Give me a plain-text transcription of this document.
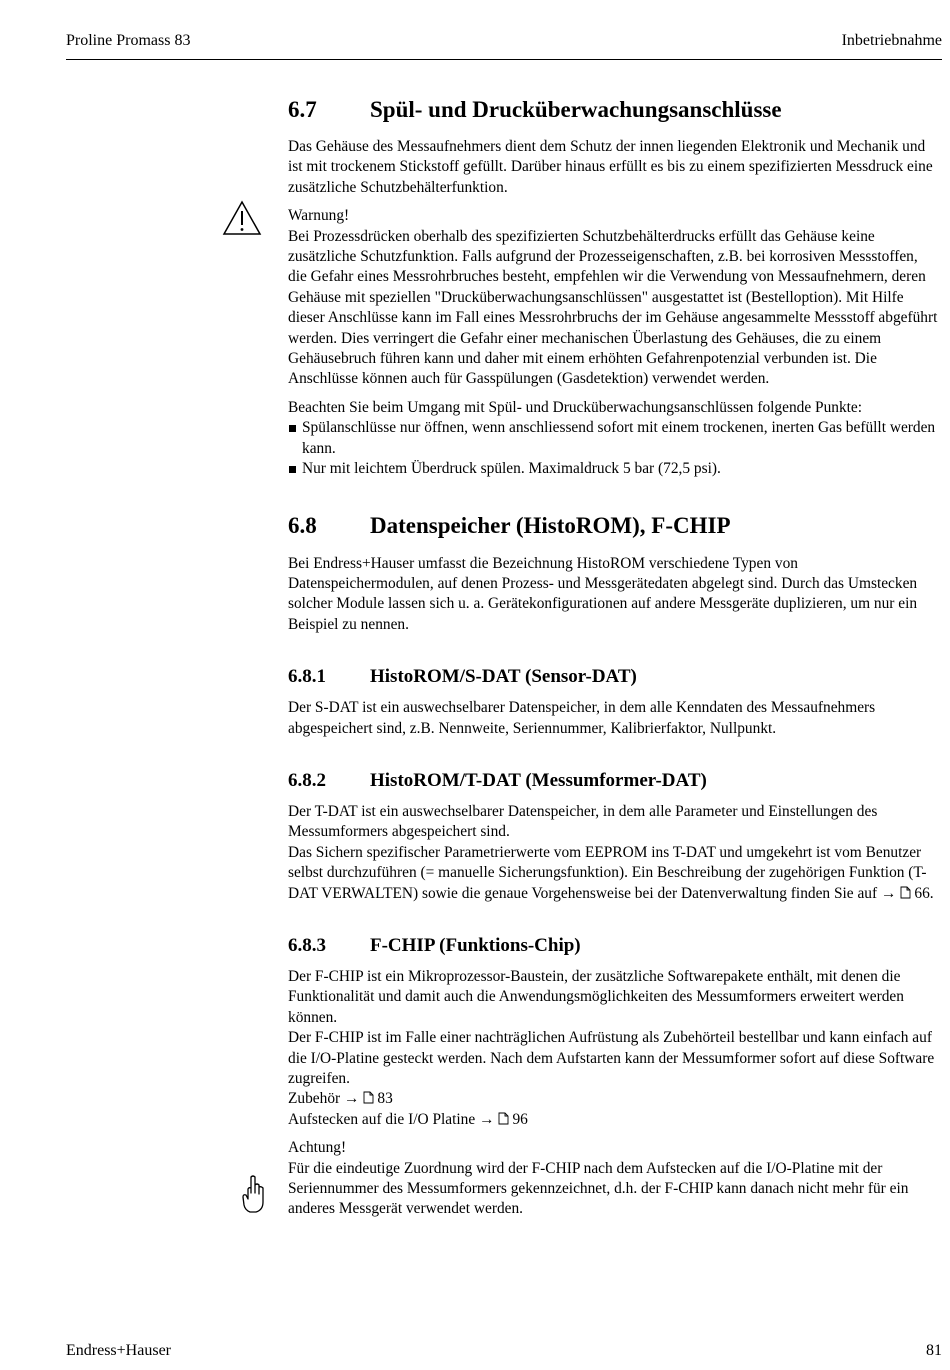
Proline Promass 83	Inbetriebnahme
6.7	Spül- und Drucküberwachungsanschlüsse

Das Gehäuse des Messaufnehmers dient dem Schutz der innen liegenden Elektronik und Mechanik und ist mit trockenem Stickstoff gefüllt. Darüber hinaus erfüllt es bis zu einem spezifizierten Messdruck eine zusätzliche Schutzbehälterfunktion.

Warnung!

Bei Prozessdrücken oberhalb des spezifizierten Schutzbehälterdrucks erfüllt das Gehäuse keine zusätzliche Schutzfunktion. Falls aufgrund der Prozesseigenschaften, z.B. bei korrosiven Messstoffen, die Gefahr eines Messrohrbruches besteht, empfehlen wir die Verwendung von Messaufnehmern, deren Gehäuse mit speziellen "Drucküberwachungsanschlüssen" ausgestattet ist (Bestelloption). Mit Hilfe dieser Anschlüsse kann im Fall eines Messrohrbruchs der im Gehäuse angesammelte Messstoff abgeführt werden. Dies verringert die Gefahr einer mechanischen Überlastung des Gehäuses, die zu einem Gehäusebruch führen kann und daher mit einem erhöhten Gefahrenpotenzial verbunden ist. Die Anschlüsse können auch für Gasspülungen (Gasdetektion) verwendet werden.

Beachten Sie beim Umgang mit Spül- und Drucküberwachungsanschlüssen folgende Punkte:

Spülanschlüsse nur öffnen, wenn anschliessend sofort mit einem trockenen, inerten Gas befüllt werden kann.
Nur mit leichtem Überdruck spülen. Maximaldruck 5 bar (72,5 psi).
6.8	Datenspeicher (HistoROM), F-CHIP

Bei Endress+Hauser umfasst die Bezeichnung HistoROM verschiedene Typen von Datenspeichermodulen, auf denen Prozess- und Messgerätedaten abgelegt sind. Durch das Umstecken solcher Module lassen sich u. a. Gerätekonfigurationen auf andere Messgeräte duplizieren, um nur ein Beispiel zu nennen.

6.8.1	HistoROM/S-DAT (Sensor-DAT)

Der S-DAT ist ein auswechselbarer Datenspeicher, in dem alle Kenndaten des Messaufnehmers abgespeichert sind, z.B. Nennweite, Seriennummer, Kalibrierfaktor, Nullpunkt.

6.8.2	HistoROM/T-DAT (Messumformer-DAT)

Der T-DAT ist ein auswechselbarer Datenspeicher, in dem alle Parameter und Einstellungen des Messumformers abgespeichert sind.

Das Sichern spezifischer Parametrierwerte vom EEPROM ins T-DAT und umgekehrt ist vom Benutzer selbst durchzuführen (= manuelle Sicherungsfunktion). Ein Beschreibung der zugehörigen Funktion (T-DAT VERWALTEN) sowie die genaue Vorgehensweise bei der Datenverwaltung finden Sie auf → 66.

6.8.3	F-CHIP (Funktions-Chip)

Der F-CHIP ist ein Mikroprozessor-Baustein, der zusätzliche Softwarepakete enthält, mit denen die Funktionalität und damit auch die Anwendungsmöglichkeiten des Messumformers erweitert werden können.

Der F-CHIP ist im Falle einer nachträglichen Aufrüstung als Zubehörteil bestellbar und kann einfach auf die I/O-Platine gesteckt werden. Nach dem Aufstarten kann der Messumformer sofort auf diese Software zugreifen.

Zubehör → 83

Aufstecken auf die I/O Platine → 96

Achtung!

Für die eindeutige Zuordnung wird der F-CHIP nach dem Aufstecken auf die I/O-Platine mit der Seriennummer des Messumformers gekennzeichnet, d.h. der F-CHIP kann danach nicht mehr für ein anderes Messgerät verwendet werden.

Endress+Hauser	81
